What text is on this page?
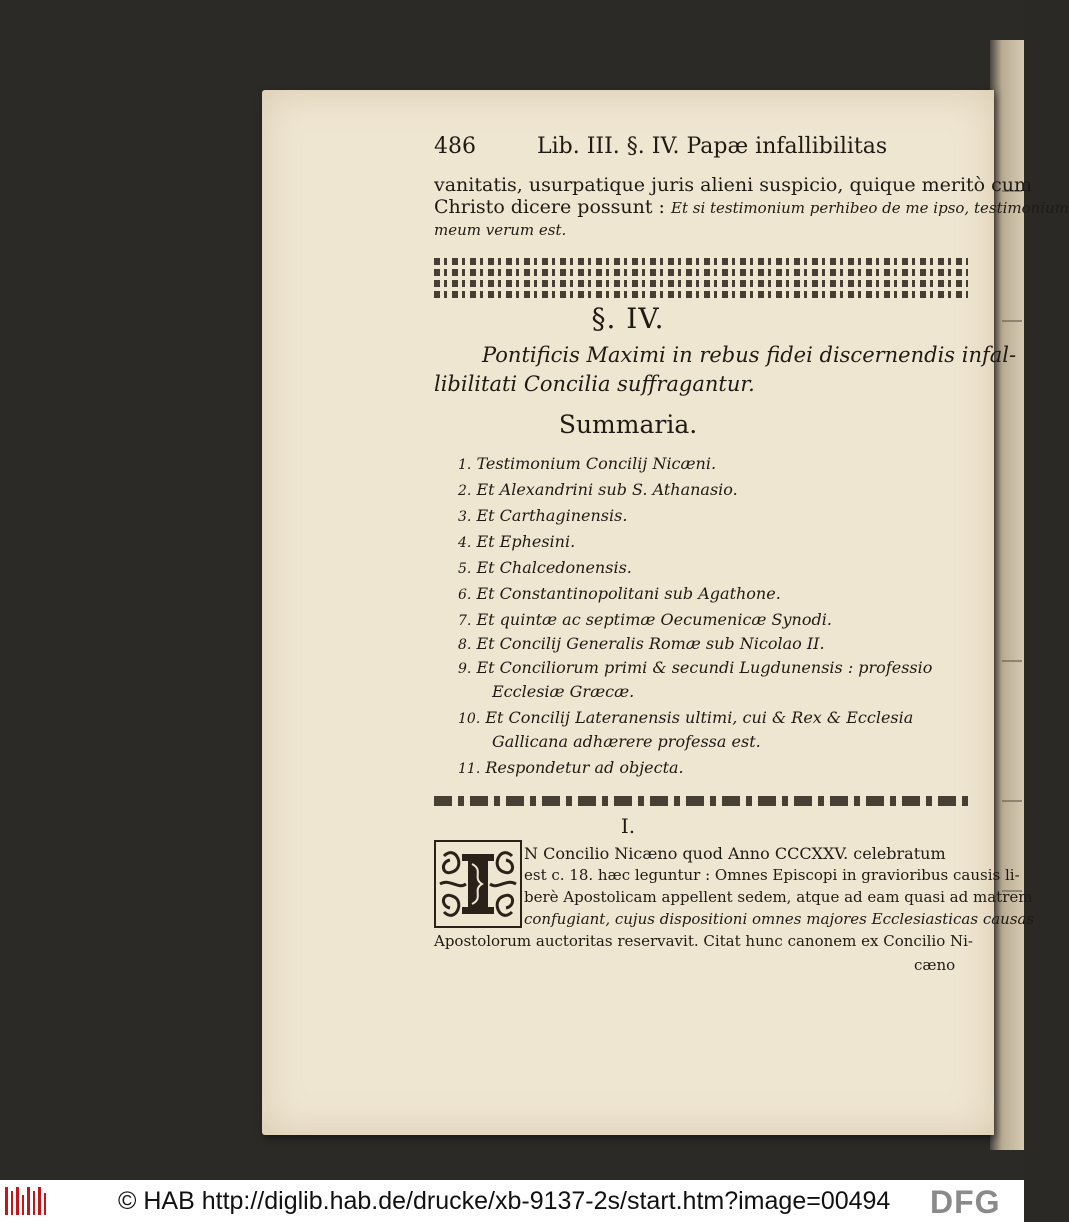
486	Lib. III. §. IV. Papæ infallibilitas

vanitatis, usurpatique juris alieni suspicio, quique meritò cum

Christo dicere possunt : Et si testimonium perhibeo de me ipso, testimonium

meum verum est.

§. IV.

Pontificis Maximi in rebus fidei discernendis infal-

libilitati Concilia suffragantur.

Summaria.

1. Testimonium Concilij Nicæni.

2. Et Alexandrini sub S. Athanasio.

3. Et Carthaginensis.

4. Et Ephesini.

5. Et Chalcedonensis.

6. Et Constantinopolitani sub Agathone.

7. Et quintæ ac septimæ Oecumenicæ Synodi.

8. Et Concilij Generalis Romæ sub Nicolao II.

9. Et Conciliorum primi & secundi Lugdunensis : professio

Ecclesiæ Græcæ.

10. Et Concilij Lateranensis ultimi, cui & Rex & Ecclesia

Gallicana adhærere professa est.

11. Respondetur ad objecta.

I.

N Concilio Nicæno quod Anno CCCXXV. celebratum

est c. 18. hæc leguntur : Omnes Episcopi in gravioribus causis li-

berè Apostolicam appellent sedem, atque ad eam quasi ad matrem

confugiant, cujus dispositioni omnes majores Ecclesiasticas causas

Apostolorum auctoritas reservavit. Citat hunc canonem ex Concilio Ni-

cæno

© HAB http://diglib.hab.de/drucke/xb-9137-2s/start.htm?image=00494 DFG
